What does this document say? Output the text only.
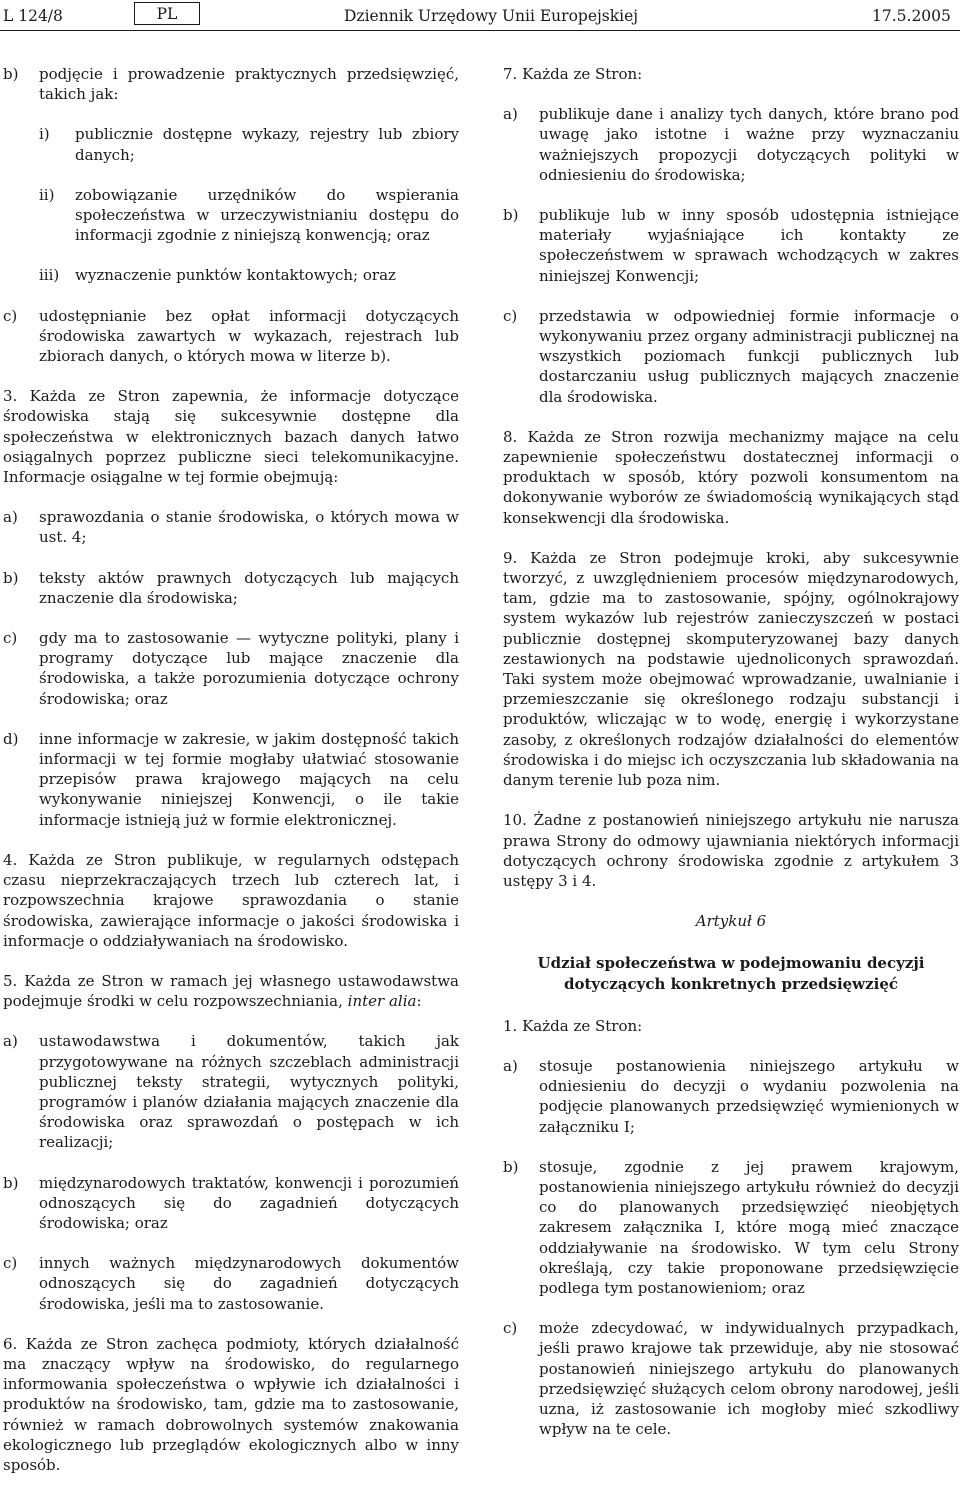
L 124/8	PL	Dziennik Urzędowy Unii Europejskiej	17.5.2005
b) podjęcie i prowadzenie praktycznych przedsięwzięć, takich jak:
i) publicznie dostępne wykazy, rejestry lub zbiory danych;
ii) zobowiązanie urzędników do wspierania społeczeństwa w urzeczywistnianiu dostępu do informacji zgodnie z niniejszą konwencją; oraz
iii) wyznaczenie punktów kontaktowych; oraz
c) udostępnianie bez opłat informacji dotyczących środowiska zawartych w wykazach, rejestrach lub zbiorach danych, o których mowa w literze b).

3. Każda ze Stron zapewnia, że informacje dotyczące środowiska stają się sukcesywnie dostępne dla społeczeństwa w elektronicznych bazach danych łatwo osiągalnych poprzez publiczne sieci telekomunikacyjne. Informacje osiągalne w tej formie obejmują:

a) sprawozdania o stanie środowiska, o których mowa w ust. 4;
b) teksty aktów prawnych dotyczących lub mających znaczenie dla środowiska;
c) gdy ma to zastosowanie — wytyczne polityki, plany i programy dotyczące lub mające znaczenie dla środowiska, a także porozumienia dotyczące ochrony środowiska; oraz
d) inne informacje w zakresie, w jakim dostępność takich informacji w tej formie mogłaby ułatwiać stosowanie przepisów prawa krajowego mających na celu wykonywanie niniejszej Konwencji, o ile takie informacje istnieją już w formie elektronicznej.

4. Każda ze Stron publikuje, w regularnych odstępach czasu nieprzekraczających trzech lub czterech lat, i rozpowszechnia krajowe sprawozdania o stanie środowiska, zawierające informacje o jakości środowiska i informacje o oddziaływaniach na środowisko.

5. Każda ze Stron w ramach jej własnego ustawodawstwa podejmuje środki w celu rozpowszechniania, inter alia:

a) ustawodawstwa i dokumentów, takich jak przygotowywane na różnych szczeblach administracji publicznej teksty strategii, wytycznych polityki, programów i planów działania mających znaczenie dla środowiska oraz sprawozdań o postępach w ich realizacji;
b) międzynarodowych traktatów, konwencji i porozumień odnoszących się do zagadnień dotyczących środowiska; oraz
c) innych ważnych międzynarodowych dokumentów odnoszących się do zagadnień dotyczących środowiska, jeśli ma to zastosowanie.

6. Każda ze Stron zachęca podmioty, których działalność ma znaczący wpływ na środowisko, do regularnego informowania społeczeństwa o wpływie ich działalności i produktów na środowisko, tam, gdzie ma to zastosowanie, również w ramach dobrowolnych systemów znakowania ekologicznego lub przeglądów ekologicznych albo w inny sposób.

7. Każda ze Stron:

a) publikuje dane i analizy tych danych, które brano pod uwagę jako istotne i ważne przy wyznaczaniu ważniejszych propozycji dotyczących polityki w odniesieniu do środowiska;
b) publikuje lub w inny sposób udostępnia istniejące materiały wyjaśniające ich kontakty ze społeczeństwem w sprawach wchodzących w zakres niniejszej Konwencji;
c) przedstawia w odpowiedniej formie informacje o wykonywaniu przez organy administracji publicznej na wszystkich poziomach funkcji publicznych lub dostarczaniu usług publicznych mających znaczenie dla środowiska.

8. Każda ze Stron rozwija mechanizmy mające na celu zapewnienie społeczeństwu dostatecznej informacji o produktach w sposób, który pozwoli konsumentom na dokonywanie wyborów ze świadomością wynikających stąd konsekwencji dla środowiska.

9. Każda ze Stron podejmuje kroki, aby sukcesywnie tworzyć, z uwzględnieniem procesów międzynarodowych, tam, gdzie ma to zastosowanie, spójny, ogólnokrajowy system wykazów lub rejestrów zanieczyszczeń w postaci publicznie dostępnej skomputeryzowanej bazy danych zestawionych na podstawie ujednoliconych sprawozdań. Taki system może obejmować wprowadzanie, uwalnianie i przemieszczanie się określonego rodzaju substancji i produktów, wliczając w to wodę, energię i wykorzystane zasoby, z określonych rodzajów działalności do elementów środowiska i do miejsc ich oczyszczania lub składowania na danym terenie lub poza nim.

10. Żadne z postanowień niniejszego artykułu nie narusza prawa Strony do odmowy ujawniania niektórych informacji dotyczących ochrony środowiska zgodnie z artykułem 3 ustępy 3 i 4.

Artykuł 6

Udział społeczeństwa w podejmowaniu decyzji dotyczących konkretnych przedsięwzięć

1. Każda ze Stron:

a) stosuje postanowienia niniejszego artykułu w odniesieniu do decyzji o wydaniu pozwolenia na podjęcie planowanych przedsięwzięć wymienionych w załączniku I;
b) stosuje, zgodnie z jej prawem krajowym, postanowienia niniejszego artykułu również do decyzji co do planowanych przedsięwzięć nieobjętych zakresem załącznika I, które mogą mieć znaczące oddziaływanie na środowisko. W tym celu Strony określają, czy takie proponowane przedsięwzięcie podlega tym postanowieniom; oraz
c) może zdecydować, w indywidualnych przypadkach, jeśli prawo krajowe tak przewiduje, aby nie stosować postanowień niniejszego artykułu do planowanych przedsięwzięć służących celom obrony narodowej, jeśli uzna, iż zastosowanie ich mogłoby mieć szkodliwy wpływ na te cele.
